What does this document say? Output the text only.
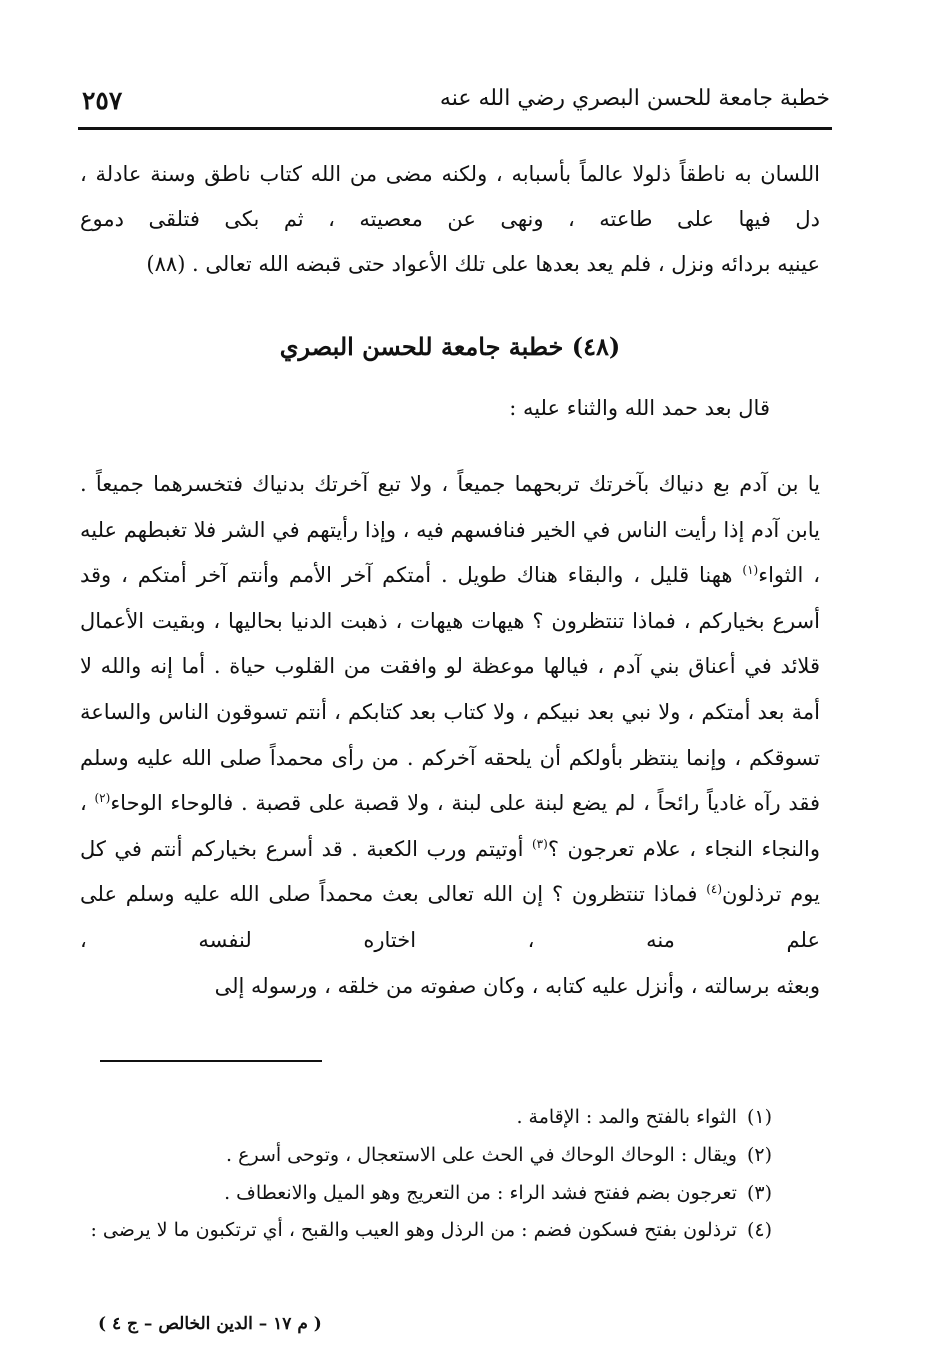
خطبة جامعة للحسن البصري رضي الله عنه
٢٥٧

اللسان به ناطقاً ذلولا عالماً بأسبابه ، ولكنه مضى من الله كتاب ناطق وسنة عادلة ، دل فيها على طاعته ، ونهى عن معصيته ، ثم بكى فتلقى دموع
عينيه بردائه ونزل ، فلم يعد بعدها على تلك الأعواد حتى قبضه الله تعالى . (٨٨)

(٤٨) خطبة جامعة للحسن البصري
قال بعد حمد الله والثناء عليه :

يا بن آدم بع دنياك بآخرتك تربحهما جميعاً ، ولا تبع آخرتك بدنياك فتخسرهما جميعاً . يابن آدم إذا رأيت الناس في الخير فنافسهم فيه ، وإذا رأيتهم في الشر فلا تغبطهم عليه ، الثواء$^{(١)}$ ههنا قليل ، والبقاء هناك طويل . أمتكم آخر الأمم وأنتم آخر أمتكم ، وقد أسرع بخياركم ، فماذا تنتظرون ؟ هيهات هيهات ، ذهبت الدنيا بحاليها ، وبقيت الأعمال قلائد في أعناق بني آدم ، فيالها موعظة لو وافقت من القلوب حياة . أما إنه والله لا أمة بعد أمتكم ، ولا نبي بعد نبيكم ، ولا كتاب بعد كتابكم ، أنتم تسوقون الناس والساعة تسوقكم ، وإنما ينتظر بأولكم أن يلحقه آخركم . من رأى محمداً صلى الله عليه وسلم فقد رآه غادياً رائحاً ، لم يضع لبنة على لبنة ، ولا قصبة على قصبة . فالوحاء الوحاء$^{(٢)}$ ، والنجاء النجاء ، علام تعرجون ؟$^{(٣)}$ أوتيتم ورب الكعبة . قد أسرع بخياركم أنتم في كل يوم ترذلون$^{(٤)}$ فماذا تنتظرون ؟ إن الله تعالى بعث محمداً صلى الله عليه وسلم على علم منه ، اختاره لنفسه ،
وبعثه برسالته ، وأنزل عليه كتابه ، وكان صفوته من خلقه ، ورسوله إلى

(١)الثواء بالفتح والمد : الإقامة .
(٢)ويقال : الوحاك الوحاك في الحث على الاستعجال ، وتوحى أسرع .
(٣)تعرجون بضم ففتح فشد الراء : من التعريج وهو الميل والانعطاف .
(٤)ترذلون بفتح فسكون فضم : من الرذل وهو العيب والقبح ، أي ترتكبون ما لا يرضى :
( م ١٧ – الدين الخالص – ج ٤ )
